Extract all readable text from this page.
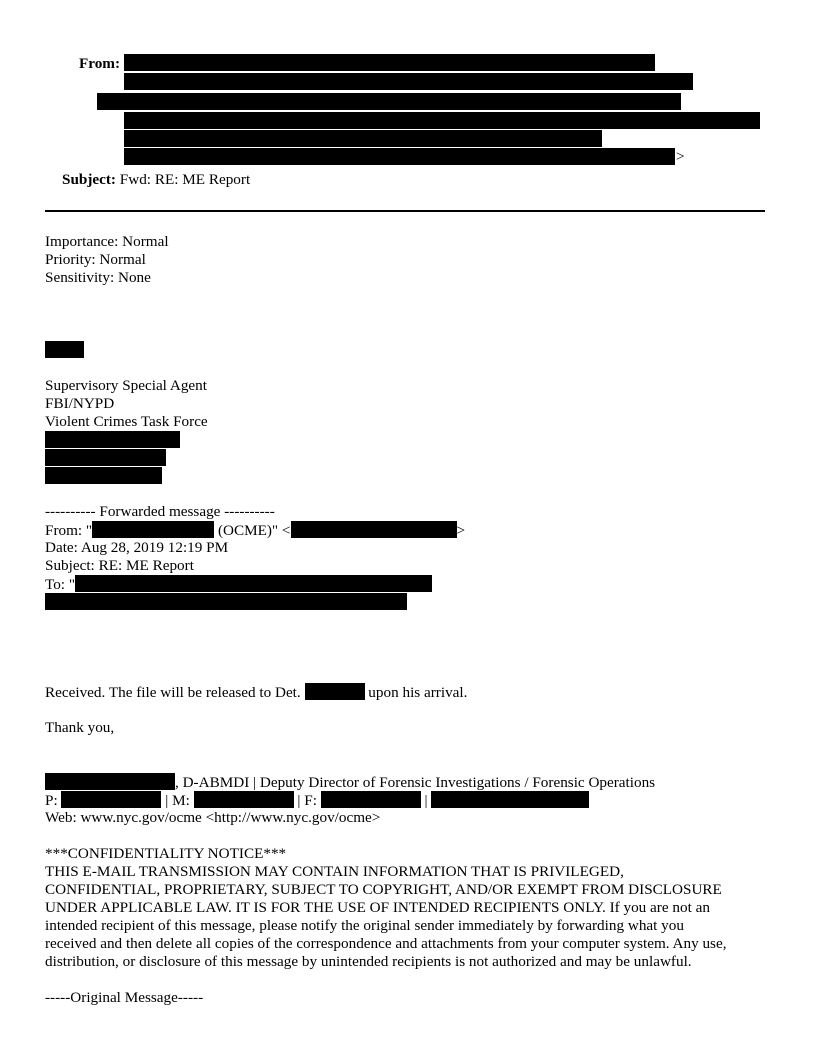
From:
>
Subject: Fwd: RE: ME Report
Importance: Normal
Priority: Normal
Sensitivity: None
Supervisory Special Agent
FBI/NYPD
Violent Crimes Task Force
---------- Forwarded message ----------
From: "	(OCME)" <	>
Date: Aug 28, 2019 12:19 PM
Subject: RE: ME Report
To: "
Received. The file will be released to Det.	upon his arrival.
Thank you,
, D-ABMDI | Deputy Director of Forensic Investigations / Forensic Operations
P:	| M:	| F:	|
Web: www.nyc.gov/ocme <http://www.nyc.gov/ocme>
***CONFIDENTIALITY NOTICE***
THIS E-MAIL TRANSMISSION MAY CONTAIN INFORMATION THAT IS PRIVILEGED,
CONFIDENTIAL, PROPRIETARY, SUBJECT TO COPYRIGHT, AND/OR EXEMPT FROM DISCLOSURE
UNDER APPLICABLE LAW. IT IS FOR THE USE OF INTENDED RECIPIENTS ONLY. If you are not an
intended recipient of this message, please notify the original sender immediately by forwarding what you
received and then delete all copies of the correspondence and attachments from your computer system. Any use,
distribution, or disclosure of this message by unintended recipients is not authorized and may be unlawful.
-----Original Message-----
